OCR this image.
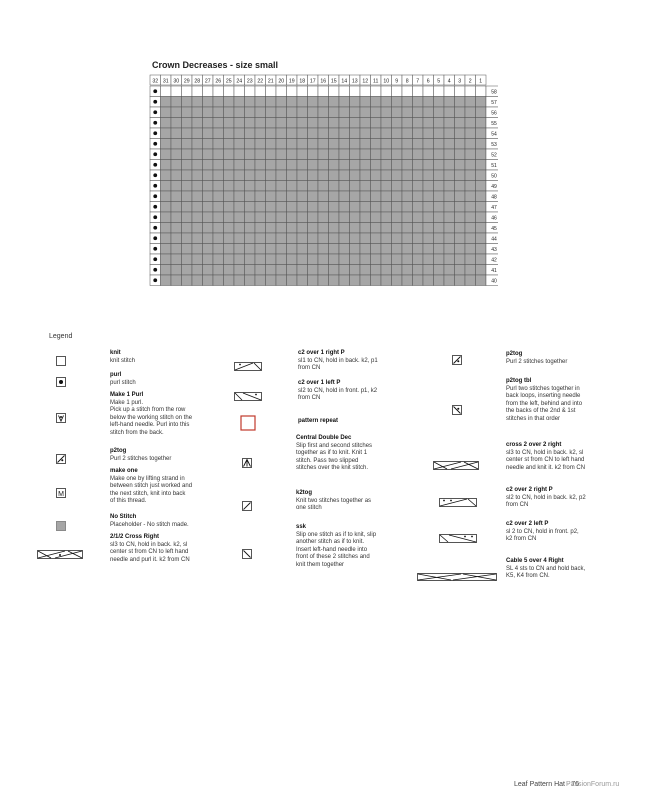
Crown Decreases - size small
32 31 30 29 28 27 26 25 24 23 22 21 20 19 18 17 16 15 14 13 12 11 10 9 8 7 6 5 4 3 2 1
58
57
56
55
54
53
52
51
50
49
48
47
46
45
44
43
42
41
40
Legend
knit
knit stitch
purl
purl stitch
Make 1 Purl
Make 1 purl.
Pick up a stitch from the row
below the working stitch on the
left-hand needle. Purl into this
stitch from the back.
p2tog
Purl 2 stitches together
M
make one
Make one by lifting strand in
between stitch just worked and
the next stitch, knit into back
of this thread.
No Stitch
Placeholder - No stitch made.
2/1/2 Cross Right
sl3 to CN, hold in back. k2, sl
center st from CN to left hand
needle and purl it. k2 from CN
c2 over 1 right P
sl1 to CN, hold in back. k2, p1
from CN
c2 over 1 left P
sl2 to CN, hold in front. p1, k2
from CN
pattern repeat
Central Double Dec
Slip first and second stitches
together as if to knit. Knit 1
stitch. Pass two slipped
stitches over the knit stitch.
k2tog
Knit two stitches together as
one stitch
ssk
Slip one stitch as if to knit, slip
another stitch as if to knit.
Insert left-hand needle into
front of these 2 stitches and
knit them together
p2tog
Purl 2 stitches together
p2tog tbl
Purl two stitches together in
back loops, inserting needle
from the left, behind and into
the backs of the 2nd & 1st
stitches in that order
cross 2 over 2 right
sl3 to CN, hold in back. k2, sl
center st from CN to left hand
needle and knit it. k2 from CN
c2 over 2 right P
sl2 to CN, hold in back. k2, p2
from CN
c2 over 2 left P
sl 2 to CN, hold in front. p2,
k2 from CN
Cable 5 over 4 Right
SL 4 sts to CN and hold back,
K5, K4 from CN.
Leaf Pattern Hat · 76
PassionForum.ru
